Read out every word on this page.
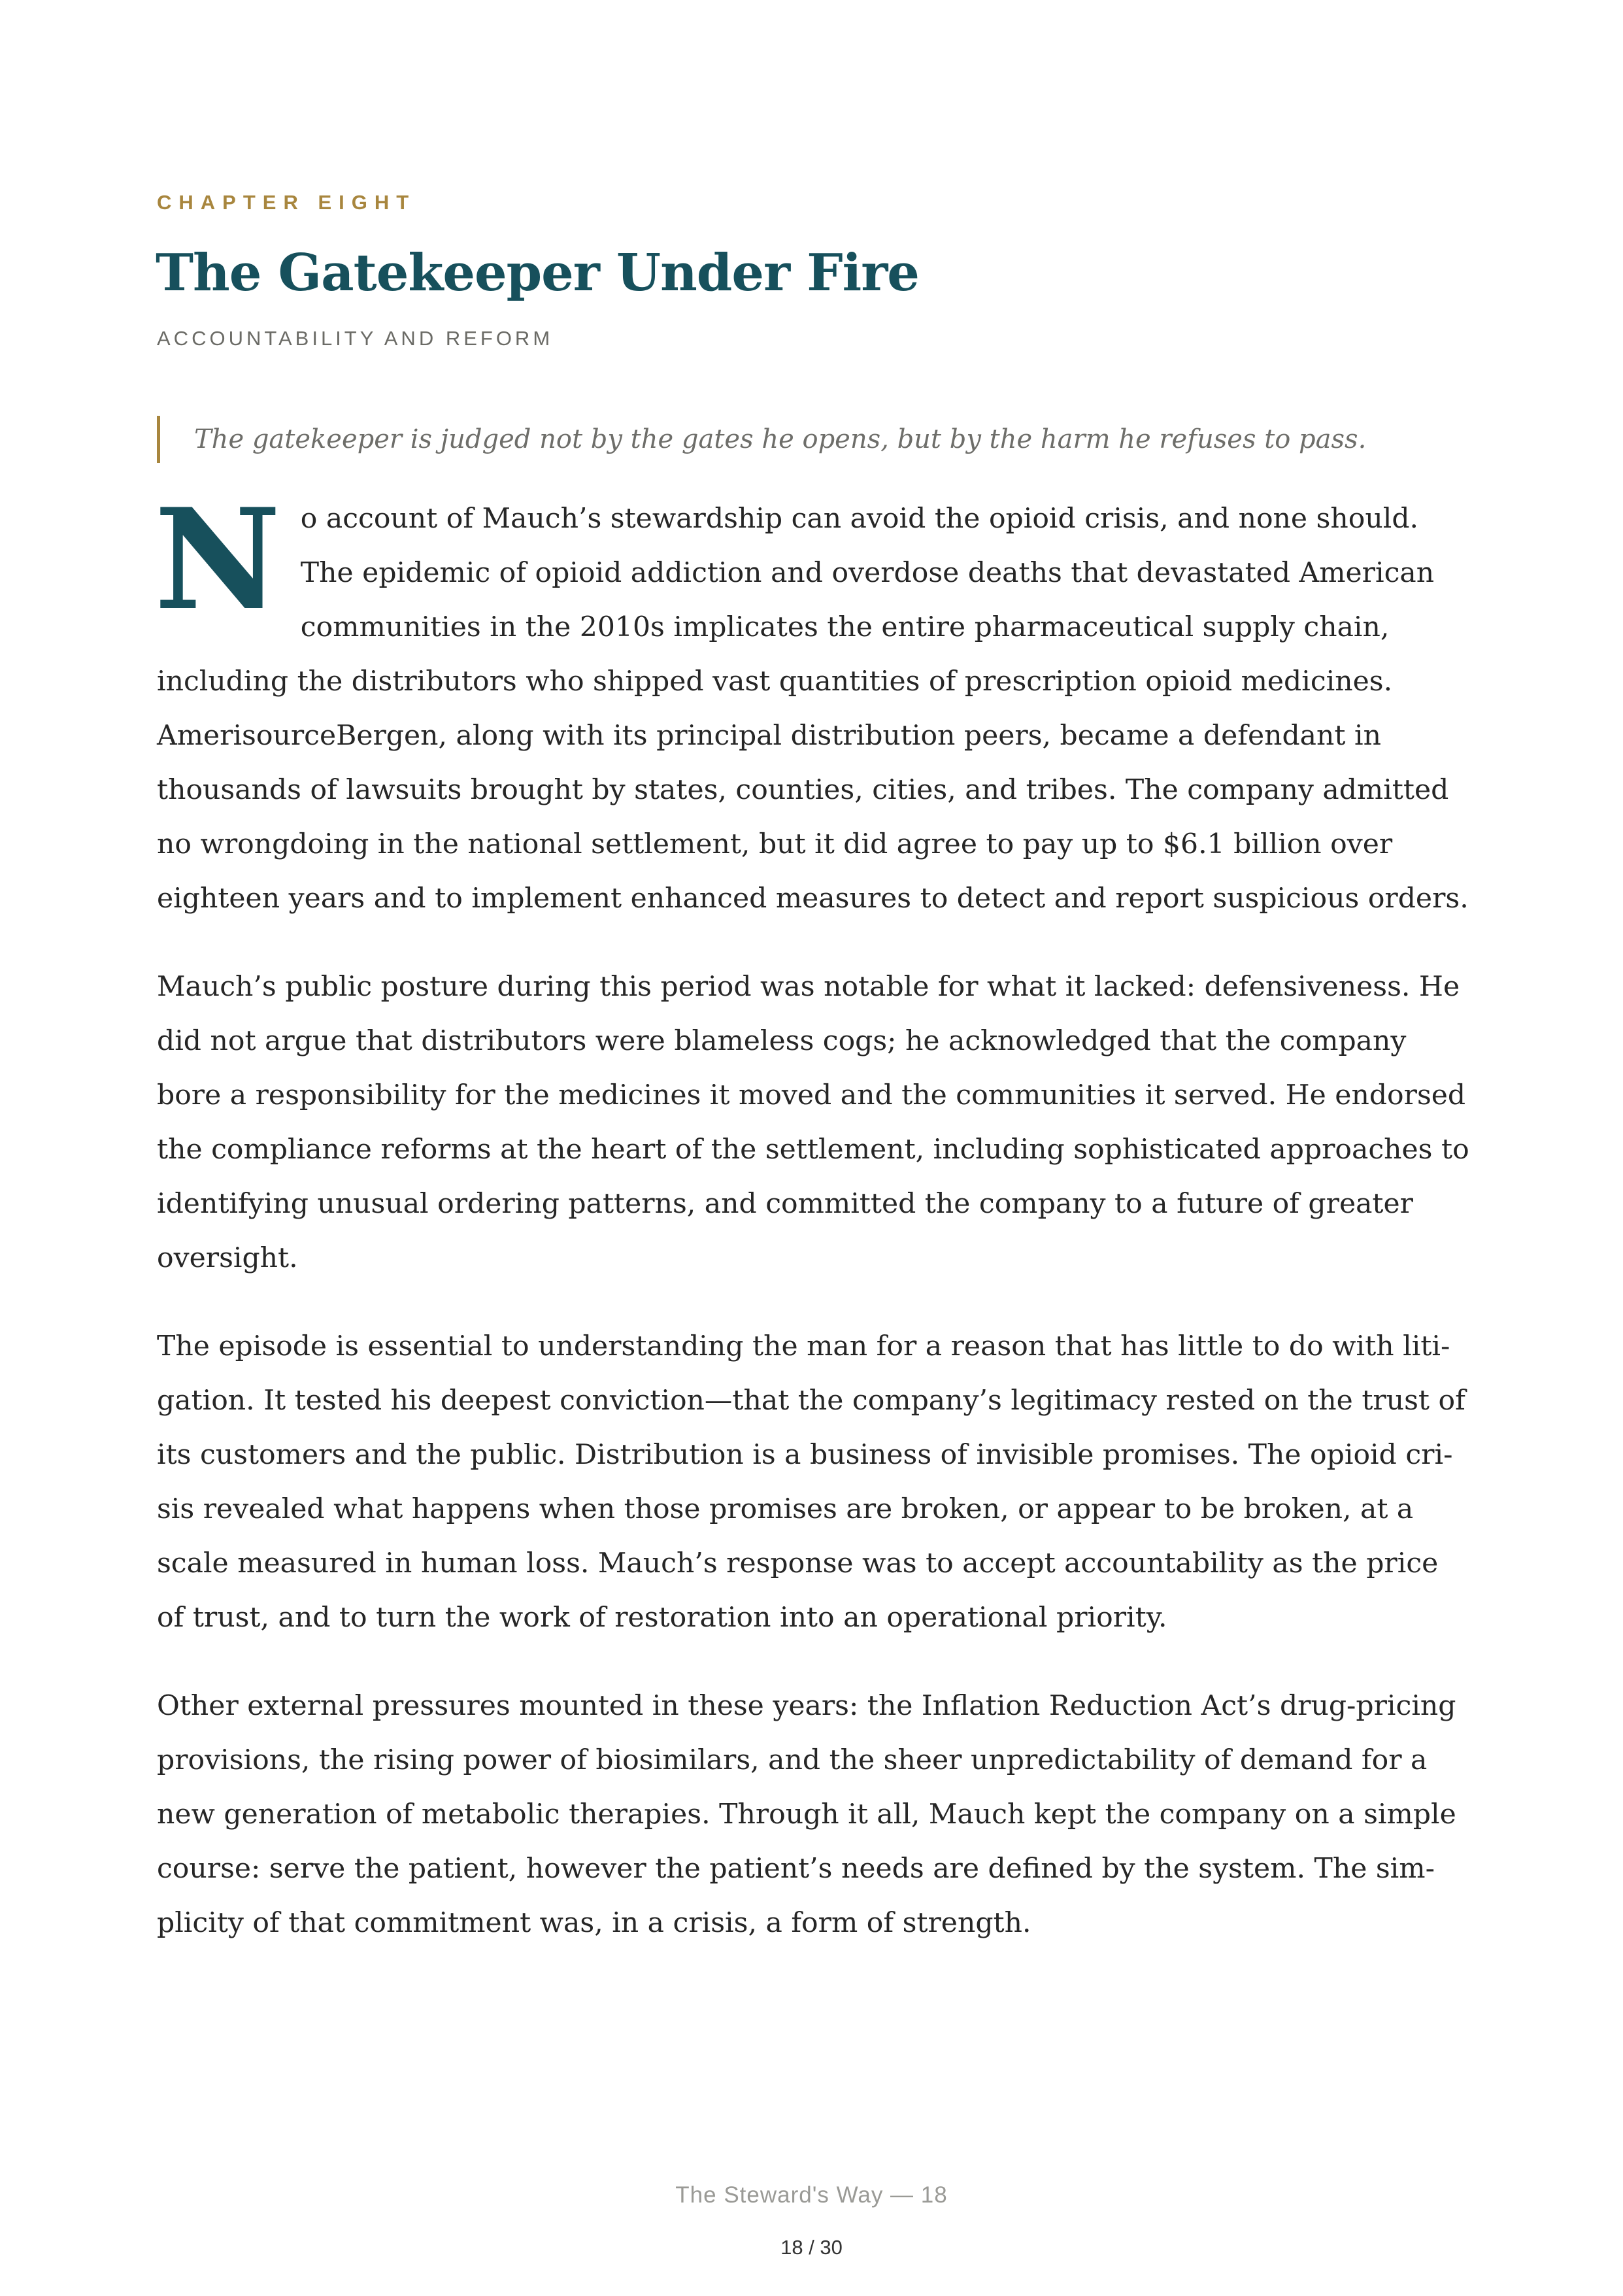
CHAPTER EIGHT
The Gatekeeper Under Fire
ACCOUNTABILITY AND REFORM
The gatekeeper is judged not by the gates he opens, but by the harm he refuses to pass.

No account of Mauch’s stewardship can avoid the opioid crisis, and none should. The epidemic of opioid addiction and overdose deaths that devastated American communities in the 2010s implicates the entire pharmaceutical supply chain, including the distributors who shipped vast quantities of prescription opioid medicines. AmerisourceBergen, along with its principal distribution peers, became a defendant in thousands of lawsuits brought by states, counties, cities, and tribes. The company admitted no wrongdoing in the national settlement, but it did agree to pay up to $6.1 billion over eighteen years and to implement enhanced measures to detect and report suspicious orders.

Mauch’s public posture during this period was notable for what it lacked: defensiveness. He did not argue that distributors were blameless cogs; he acknowledged that the company bore a responsibility for the medicines it moved and the communities it served. He endorsed the compliance reforms at the heart of the settlement, including sophisticated approaches to identifying unusual ordering patterns, and committed the company to a future of greater oversight.

The episode is essential to understanding the man for a reason that has little to do with litigation. It tested his deepest conviction—that the company’s legitimacy rested on the trust of its customers and the public. Distribution is a business of invisible promises. The opioid crisis revealed what happens when those promises are broken, or appear to be broken, at a scale measured in human loss. Mauch’s response was to accept accountability as the price of trust, and to turn the work of restoration into an operational priority.

Other external pressures mounted in these years: the Inflation Reduction Act’s drug-pricing provisions, the rising power of biosimilars, and the sheer unpredictability of demand for a new generation of metabolic therapies. Through it all, Mauch kept the company on a simple course: serve the patient, however the patient’s needs are defined by the system. The simplicity of that commitment was, in a crisis, a form of strength.

The Steward's Way — 18
18 / 30
